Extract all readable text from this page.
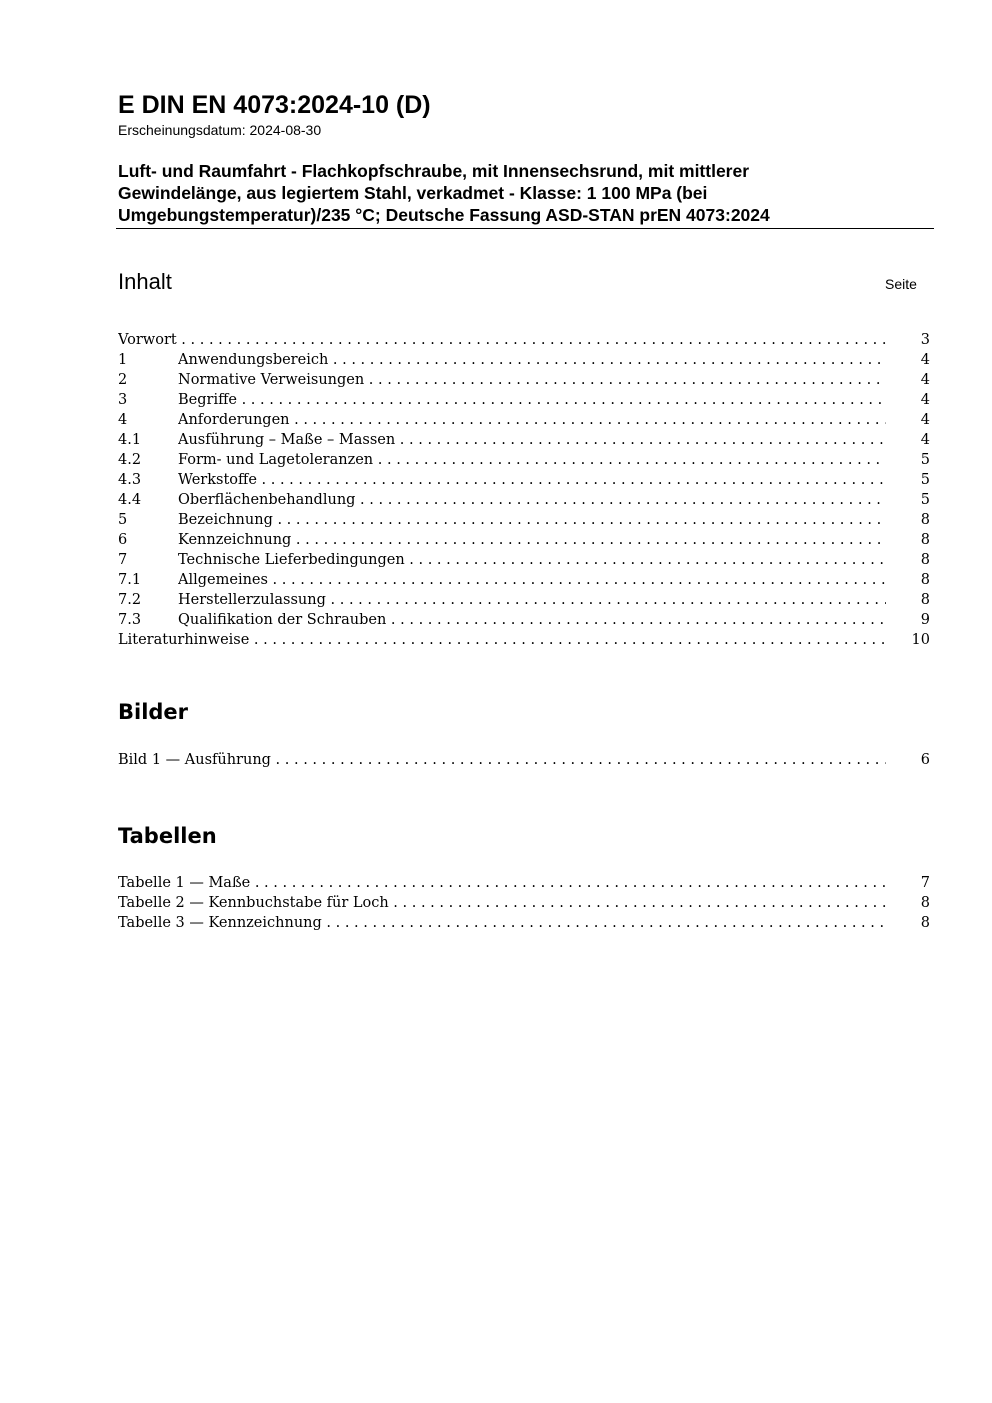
E DIN EN 4073:2024-10 (D)
Erscheinungsdatum: 2024-08-30
Luft- und Raumfahrt - Flachkopfschraube, mit Innensechsrund, mit mittlerer
Gewindelänge, aus legiertem Stahl, verkadmet - Klasse: 1 100 MPa (bei
Umgebungstemperatur)/235 °C; Deutsche Fassung ASD-STAN prEN 4073:2024
Inhalt	Seite
Vorwort . . .	3
1	Anwendungsbereich . . .	4
2	Normative Verweisungen . . .	4
3	Begriffe . . .	4
4	Anforderungen . . .	4
4.1	Ausführung – Maße – Massen . . .	4
4.2	Form- und Lagetoleranzen . . .	5
4.3	Werkstoffe . . .	5
4.4	Oberflächenbehandlung . . .	5
5	Bezeichnung . . .	8
6	Kennzeichnung . . .	8
7	Technische Lieferbedingungen . . .	8
7.1	Allgemeines . . .	8
7.2	Herstellerzulassung . . .	8
7.3	Qualifikation der Schrauben . . .	9
Literaturhinweise . . .	10
Bilder
Bild 1 — Ausführung . . .	6
Tabellen
Tabelle 1 — Maße . . .	7
Tabelle 2 — Kennbuchstabe für Loch . . .	8
Tabelle 3 — Kennzeichnung . . .	8
